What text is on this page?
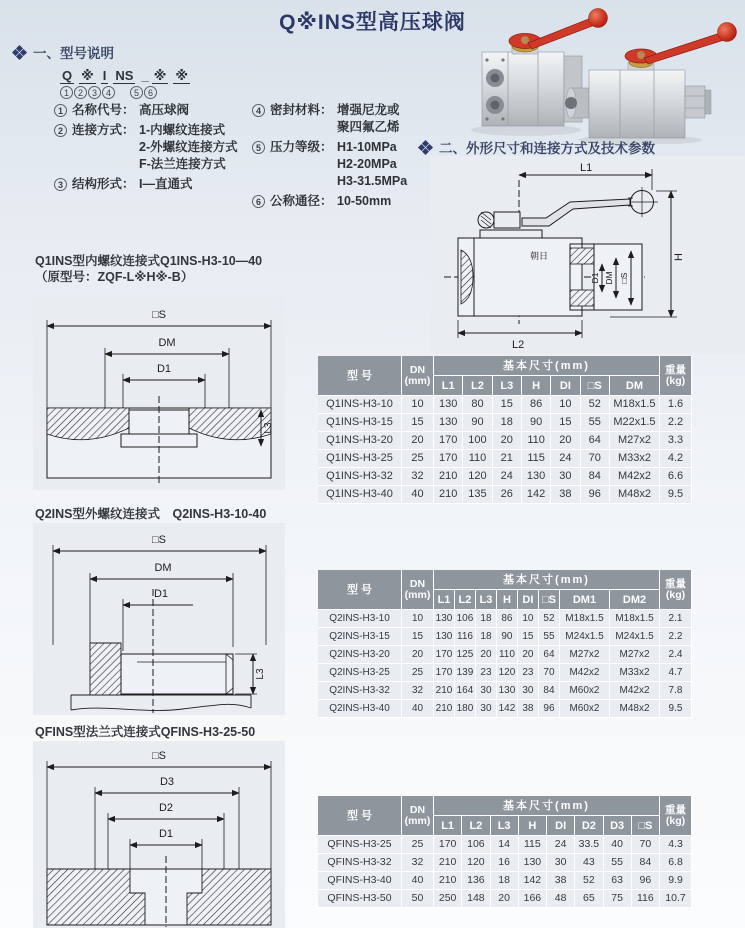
Q※INS型高压球阀
一、型号说明
Q ※ I NS _ ※ ※
1 2 3 4	5 6
1 名称代号： 高压球阀
2 连接方式： 1-内螺纹连接式
2-外螺纹连接方式
F-法兰连接方式
3 结构形式： I—直通式
4 密封材料： 增强尼龙或
聚四氟乙烯
5 压力等级： H1-10MPa
H2-20MPa
H3-31.5MPa
6 公称通径： 10-50mm
二、外形尺寸和连接方式及技术参数
L1
H
L2
D1 DM □S
朝日
Q1INS型内螺纹连接式Q1INS-H3-10—40
（原型号：ZQF-L※H※-B）
□S
DM
D1
L3
Q2INS型外螺纹连接式　Q2INS-H3-10-40
□S
DM
D1
L3
QFINS型法兰式连接式QFINS-H3-25-50
□S
D3
D2
D1
型 号	DN
(mm)	基本尺寸(mm)							重量
(kg)
		L1	L2	L3	H	DI	□S	DM	
Q1INS-H3-10	10	130	80	15	86	10	52	M18x1.5	1.6
Q1INS-H3-15	15	130	90	18	90	15	55	M22x1.5	2.2
Q1INS-H3-20	20	170	100	20	110	20	64	M27x2	3.3
Q1INS-H3-25	25	170	110	21	115	24	70	M33x2	4.2
Q1INS-H3-32	32	210	120	24	130	30	84	M42x2	6.6
Q1INS-H3-40	40	210	135	26	142	38	96	M48x2	9.5
型 号	DN
(mm)	基本尺寸(mm)								重量
(kg)
		L1	L2	L3	H	DI	□S	DM1	DM2	
Q2INS-H3-10	10	130	106	18	86	10	52	M18x1.5	M18x1.5	2.1
Q2INS-H3-15	15	130	116	18	90	15	55	M24x1.5	M24x1.5	2.2
Q2INS-H3-20	20	170	125	20	110	20	64	M27x2	M27x2	2.4
Q2INS-H3-25	25	170	139	23	120	23	70	M42x2	M33x2	4.7
Q2INS-H3-32	32	210	164	30	130	30	84	M60x2	M42x2	7.8
Q2INS-H3-40	40	210	180	30	142	38	96	M60x2	M48x2	9.5
型 号	DN
(mm)	基本尺寸(mm)								重量
(kg)
		L1	L2	L3	H	DI	D2	D3	□S	
QFINS-H3-25	25	170	106	14	115	24	33.5	40	70	4.3
QFINS-H3-32	32	210	120	16	130	30	43	55	84	6.8
QFINS-H3-40	40	210	136	18	142	38	52	63	96	9.9
QFINS-H3-50	50	250	148	20	166	48	65	75	116	10.7
